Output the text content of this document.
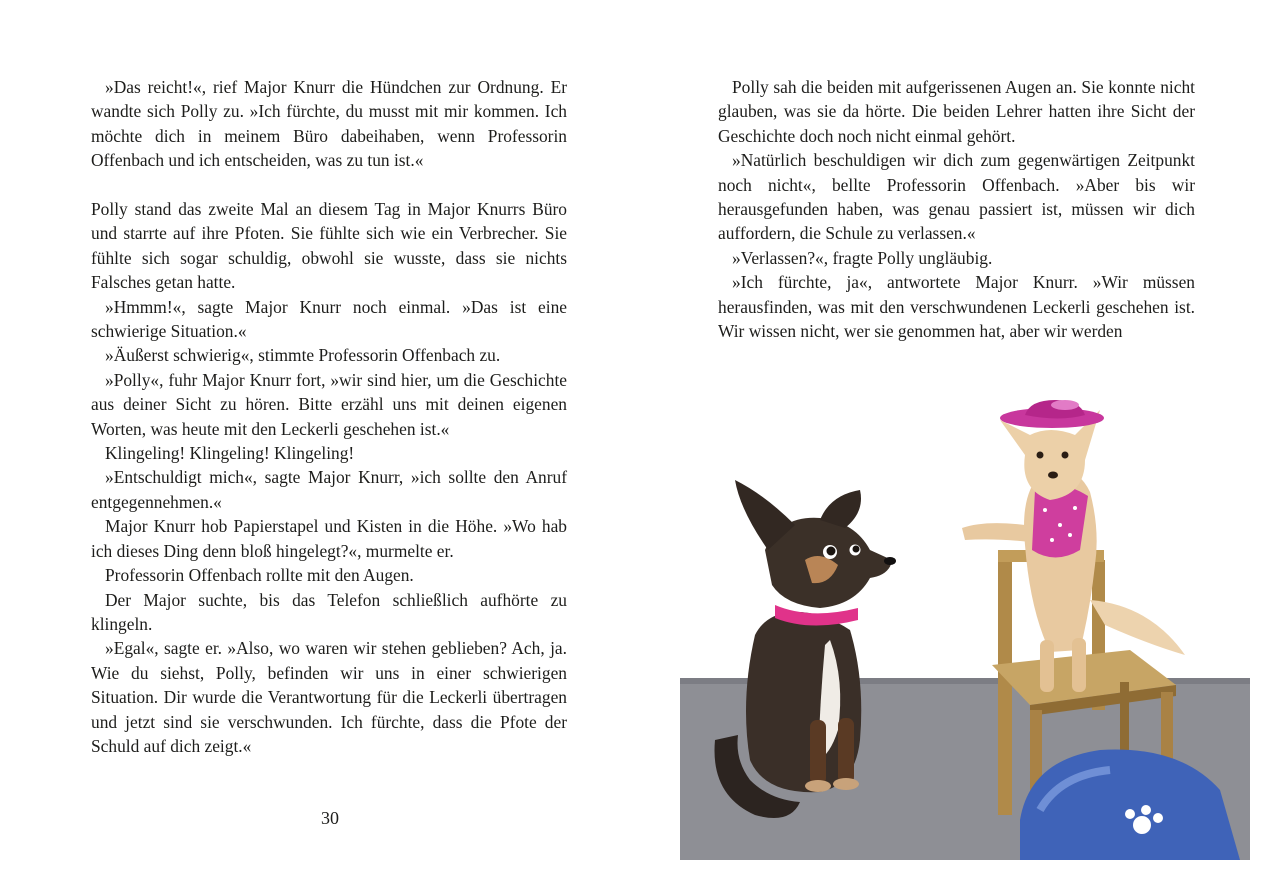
»Das reicht!«, rief Major Knurr die Hündchen zur Ordnung. Er wandte sich Polly zu. »Ich fürchte, du musst mit mir kommen. Ich möchte dich in meinem Büro dabeihaben, wenn Professorin Offenbach und ich entscheiden, was zu tun ist.«

Polly stand das zweite Mal an diesem Tag in Major Knurrs Büro und starrte auf ihre Pfoten. Sie fühlte sich wie ein Verbrecher. Sie fühlte sich sogar schuldig, obwohl sie wusste, dass sie nichts Falsches getan hatte.

»Hmmm!«, sagte Major Knurr noch einmal. »Das ist eine schwierige Situation.«

»Äußerst schwierig«, stimmte Professorin Offenbach zu.

»Polly«, fuhr Major Knurr fort, »wir sind hier, um die Geschichte aus deiner Sicht zu hören. Bitte erzähl uns mit deinen eigenen Worten, was heute mit den Leckerli geschehen ist.«

Klingeling! Klingeling! Klingeling!

»Entschuldigt mich«, sagte Major Knurr, »ich sollte den Anruf entgegennehmen.«

Major Knurr hob Papierstapel und Kisten in die Höhe. »Wo hab ich dieses Ding denn bloß hingelegt?«, murmelte er.

Professorin Offenbach rollte mit den Augen.

Der Major suchte, bis das Telefon schließlich aufhörte zu klingeln.

»Egal«, sagte er. »Also, wo waren wir stehen geblieben? Ach, ja. Wie du siehst, Polly, befinden wir uns in einer schwierigen Situation. Dir wurde die Verantwortung für die Leckerli übertragen und jetzt sind sie verschwunden. Ich fürchte, dass die Pfote der Schuld auf dich zeigt.«

30

Polly sah die beiden mit aufgerissenen Augen an. Sie konnte nicht glauben, was sie da hörte. Die beiden Lehrer hatten ihre Sicht der Geschichte doch noch nicht einmal gehört.

»Natürlich beschuldigen wir dich zum gegenwärtigen Zeitpunkt noch nicht«, bellte Professorin Offenbach. »Aber bis wir herausgefunden haben, was genau passiert ist, müssen wir dich auffordern, die Schule zu verlassen.«

»Verlassen?«, fragte Polly ungläubig.

»Ich fürchte, ja«, antwortete Major Knurr. »Wir müssen herausfinden, was mit den verschwundenen Leckerli geschehen ist. Wir wissen nicht, wer sie genommen hat, aber wir werden
